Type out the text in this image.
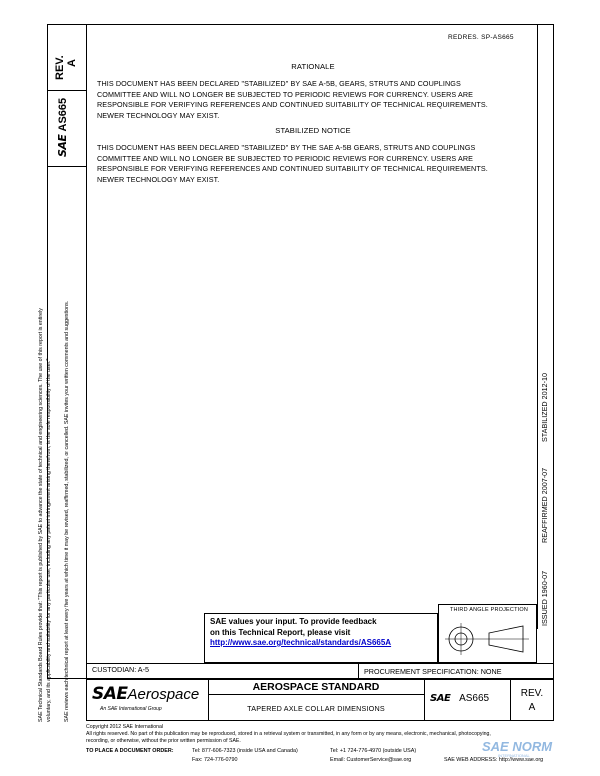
REDRES. SP-AS665
REV. A
SAE AS665
SAE Technical Standards Board Rules provide that: "This report is published by SAE to advance the state of technical and engineering sciences. The use of this report is entirely voluntary, and its applicability and suitability for any particular use, including any patent infringement arising therefrom, is the sole responsibility of the user." SAE reviews each technical report at least every five years at which time it may be revised, reaffirmed, stabilized, or cancelled. SAE invites your written comments and suggestions.
RATIONALE
THIS DOCUMENT HAS BEEN DECLARED "STABILIZED" BY SAE A-5B, GEARS, STRUTS AND COUPLINGS
COMMITTEE AND WILL NO LONGER BE SUBJECTED TO PERIODIC REVIEWS FOR CURRENCY. USERS ARE
RESPONSIBLE FOR VERIFYING REFERENCES AND CONTINUED SUITABILITY OF TECHNICAL REQUIREMENTS.
NEWER TECHNOLOGY MAY EXIST.
STABILIZED NOTICE
THIS DOCUMENT HAS BEEN DECLARED "STABILIZED" BY THE SAE A-5B GEARS, STRUTS AND COUPLINGS
COMMITTEE AND WILL NO LONGER BE SUBJECTED TO PERIODIC REVIEWS FOR CURRENCY. USERS ARE
RESPONSIBLE FOR VERIFYING REFERENCES AND CONTINUED SUITABILITY OF TECHNICAL REQUIREMENTS.
NEWER TECHNOLOGY MAY EXIST.
ISSUED 1960-07
REAFFIRMED 2007-07
STABILIZED 2012-10
SAE values your input. To provide feedback
on this Technical Report, please visit
http://www.sae.org/technical/standards/AS665A
THIRD ANGLE PROJECTION
CUSTODIAN: A-5	PROCUREMENT SPECIFICATION: NONE
SAEAerospace
An SAE International Group
AEROSPACE STANDARD
TAPERED AXLE COLLAR DIMENSIONS
SAE AS665	REV.
A
Copyright 2012 SAE International
All rights reserved. No part of this publication may be reproduced, stored in a retrieval system or transmitted, in any form or by any means, electronic, mechanical, photocopying,
recording, or otherwise, without the prior written permission of SAE.
TO PLACE A DOCUMENT ORDER:	Tel: 877-606-7323 (inside USA and Canada)	Tel: +1 724-776-4970 (outside USA)
Fax: 724-776-0790	Email: CustomerService@sae.org	SAE WEB ADDRESS: http://www.sae.org
SAE NORM
INTERNATIONAL
